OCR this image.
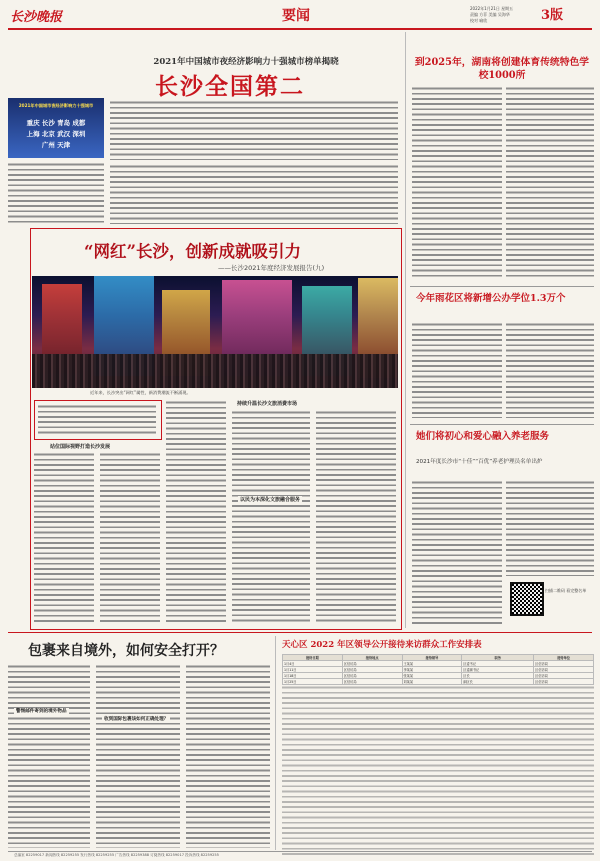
长沙晚报	要闻	2022年1月21日 星期五
责编 方菲 美编 吴海华
校对 喻欣	3版
2021年中国城市夜经济影响力十强城市榜单揭晓
长沙全国第二
2021年中国城市夜经济影响力十强城市
重庆 长沙 青岛 成都
上海 北京 武汉 深圳
广州 天津
“网红”长沙，创新成就吸引力
——长沙2021年度经济发展报告(九)
近年来，长沙突出“网红”属性，新消费潮流不断涌现。
站位国际视野打造长沙发展
持续升温长沙文旅消费市场
以民为本深化文旅融合服务
到2025年，湖南将创建体育传统特色学校1000所
今年雨花区将新增公办学位1.3万个
她们将初心和爱心融入养老服务
2021年度长沙市“十佳”“百优”养老护理员名单出炉
扫描二维码 看完整名单
包裹来自境外，如何安全打开？
警惕邮件寄到的境外物品
收到国际包裹该如何正确处理？
天心区 2022 年区领导公开接待来访群众工作安排表
接待日期	接待地点	接待领导	职务	接待单位
1月4日	区信访局	王某某	区委书记	区信访局
1月11日	区信访局	李某某	区委副书记	区信访局
1月18日	区信访局	张某某	区长	区信访局
1月25日	区信访局	刘某某	副区长	区信访局
总编室 82259017 新闻热线 82259255 发行热线 82259255 广告热线 82259388 订阅热线 82259017 投诉热线 82259255
